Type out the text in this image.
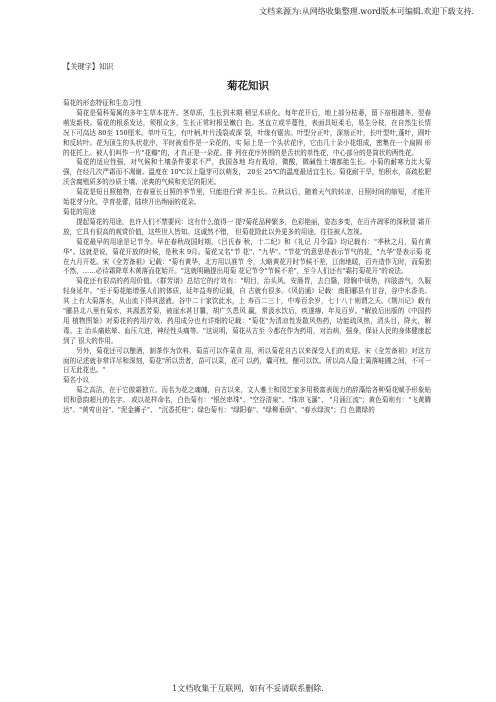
文档来源为:从网络收集整理.word版本可编辑.欢迎下载支持.
【关键字】知识
菊花知识
菊花的形态特征和生态习性
菊花是菊科菊属的多年生草本花卉。茎草质，生长到末期 稍呈木质化。每年花开后，地上部分枯萎，留下宿根越冬，翌春 萌发新枝。菊花的根系发达，须根众多，生长正常时根呈嫩白 色。茎直立或半蔓性，表面具短柔毛，易生分枝，在自然生长情 况下可高达 80至 150厘米。单叶互生，有叶柄,叶片浅裂或深 裂，叶缘有锯齿。叶型分正叶，深刻正叶，长叶型叶,蓬叶，圆叶 和反转叶。花为顶生的头状花序，平时被看作是一朵花的，实 际上是一个头状花序，它由几十朵小花组成，密集在一个扁圆 形的花托上。被人们叫作一片"花瓣"的，才真正是一朵花。排 列在花序外围的是舌状的单性花，中心部分的是筒状的两性花。
菊花的适应性强，对气候和土壤条件要求不严，我国各地 均有栽培，微酸，微碱性土壤都能生长。小菊的耐寒力比大菊 强，在经几次严霜而不凋谢。温度在 10℃以上隐芽可以萌发， 20至 25℃的温度最适宜生长。菊花耐干旱，怕积水，喜疏松肥 沃含腐殖质多的沙质土壤、凉爽的气候和充足的阳光。
菊花是短日照植物，在春夏长日照的季节里，只能进行营 养生长。立秋以后，随着天气的转凉，日照时间的缩短，才能开 始花芽分化，孕育花蕾，陆续开出绚丽的花朵。
菊花的用途
提起菊花的用途，也许人们不禁要问：这有什么值得一 提?菊花品种繁多，色彩艳丽，姿态多变，在百卉凋零的深秋冒 霜开放，它具有很高的观赏价值，这些世人皆知。这诚然不错， 但菊花除此以外更多的用途，往往被人忽视。
菊花最早的用途是记节令。早在春秋战国时期，《吕氏春 秋，十二纪》和《礼记 月令篇》均记载有："季秋之月，菊有黄 华"。这就是说，菊花开放的时候，是秋末 9月。菊花又名"节 花"、"九华"。"节花"的意思是表示节气的花，"九华"是表示菊 花在九月开花。宋《全芳备祖》记载："菊有黄华，北方用以准节 令，大略黄花开时节候不差，江南地暖，百卉造作无时，而菊独 不然，……必待霜降草木黄落而花始开。"这就明确提出用菊 花记节令"节候不差"，至今人们还有"霜打菊花开"的说法。
菊花还有很高的药用价值。《群芳谱》总结它的疗效有："明目，治头风，安肠胃，去白翳，除胸中烦热，四肢游气，久服 轻身延年。"至于菊花能增强人们的体质，延年益寿的记载，自 古就有很多。《风俗通》记载：南阳郦县有甘谷，谷中水香美。其 上有大菊落水，从山流下得其滋液。谷中二十家饮此水，上 寿百二三十，中寿百余岁，七十八十则谓之夭。《荆川记》载有 "郦县北八里有菊水，其源悉芳菊，被崖水甚甘馨，胡广久患风 赢，常汲水饮后，疾遂瘳，年及百岁。"解放后出版的《中国药用 植物图鉴》对菊花的药用疗效、药用成分也有详细的记载："菊花"为清凉性发散风热药，功能疏风热，清头目，降火，解毒。主 治头痛眩晕、血压亢进，神经性头痛等。"这说明，菊花从古至 今都在作为药用，对治病，强身，保证人民的身体健康起到了 很大的作用。
另外，菊花还可以酿酒，制茶作为饮料，菊苗可以作菜食 用，所以菊花自古以来深受人们的欢迎。宋《全芳备祖》对这方 面的记述就非常详尽和深刻，菊花"所以贵者，苗可以菜，花可 以药，囊可枕，酿可以饮。所以高人隐士篱落畦圃之间，不可一 日无此花也。"
菊名小议
菊之高洁，在于它傲霜独立。而名为花之魂魄，自古以来，文人雅士和园艺家多用极富表现力的辞藻给各种菊花赋予形象贴切和意韵超凡的名字。 或以花样命名，白色菊有："银丝串珠"、"空谷清泉"、"珠帘飞瀑"、 "月涌江流"；黄色菊则有："飞黄腾达"、"黄莺出谷"、"泥金狮子"、 "沉香托桂"；绿色菊有："绿阳春"、"绿柳垂荫"、"春水绿波"；白 色微绿的
1文档收集于互联网，如有不妥请联系删除.
